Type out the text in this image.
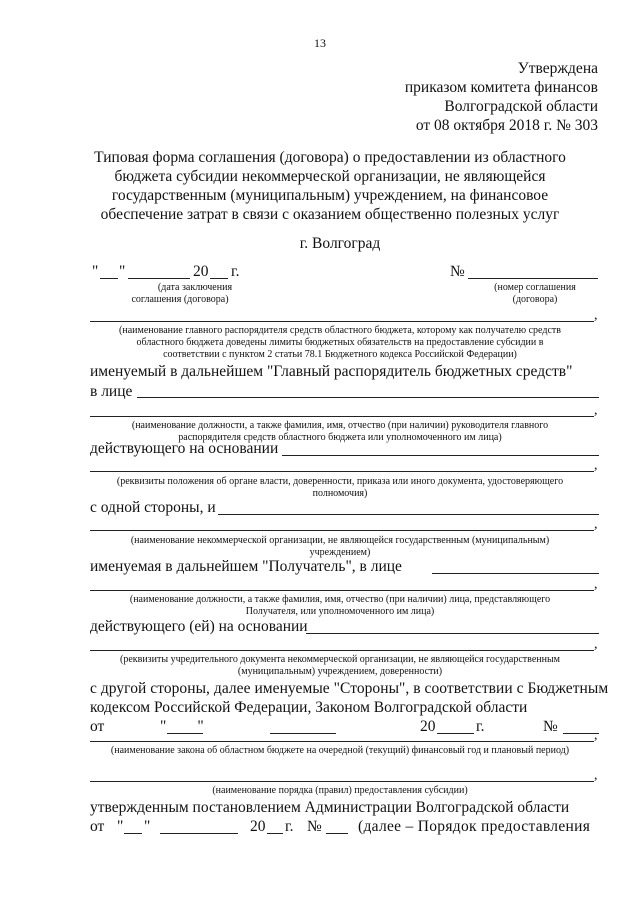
13
Утверждена
приказом комитета финансов
Волгоградской области
от 08 октября 2018 г. № 303
Типовая форма соглашения (договора) о предоставлении из областного
бюджета субсидии некоммерческой организации, не являющейся
государственным (муниципальным) учреждением, на финансовое
обеспечение затрат в связи с оказанием общественно полезных услуг
г. Волгоград
" "	20 г.	№
(дата заключения
соглашения (договора)
(номер соглашения
(договора)
,
(наименование главного распорядителя средств областного бюджета, которому как получателю средств
областного бюджета доведены лимиты бюджетных обязательств на предоставление субсидии в
соответствии с пунктом 2 статьи 78.1 Бюджетного кодекса Российской Федерации)
именуемый в дальнейшем "Главный распорядитель бюджетных средств"
в лице
,
(наименование должности, а также фамилия, имя, отчество (при наличии) руководителя главного
распорядителя средств областного бюджета или уполномоченного им лица)
действующего на основании
,
(реквизиты положения об органе власти, доверенности, приказа или иного документа, удостоверяющего
полномочия)
с одной стороны, и
,
(наименование некоммерческой организации, не являющейся государственным (муниципальным)
учреждением)
именуемая в дальнейшем "Получатель", в лице
,
(наименование должности, а также фамилия, имя, отчество (при наличии) лица, представляющего
Получателя, или уполномоченного им лица)
действующего (ей) на основании
,
(реквизиты учредительного документа некоммерческой организации, не являющейся государственным
(муниципальным) учреждением, доверенности)
с другой стороны, далее именуемые "Стороны", в соответствии с Бюджетным
кодексом Российской Федерации, Законом Волгоградской области
от	"        "	20	г.	№
,
(наименование закона об областном бюджете на очередной (текущий) финансовый год и плановый период)
,
(наименование порядка (правил) предоставления субсидии)
утвержденным постановлением Администрации Волгоградской области
от " "	20 г. № (далее – Порядок предоставления
